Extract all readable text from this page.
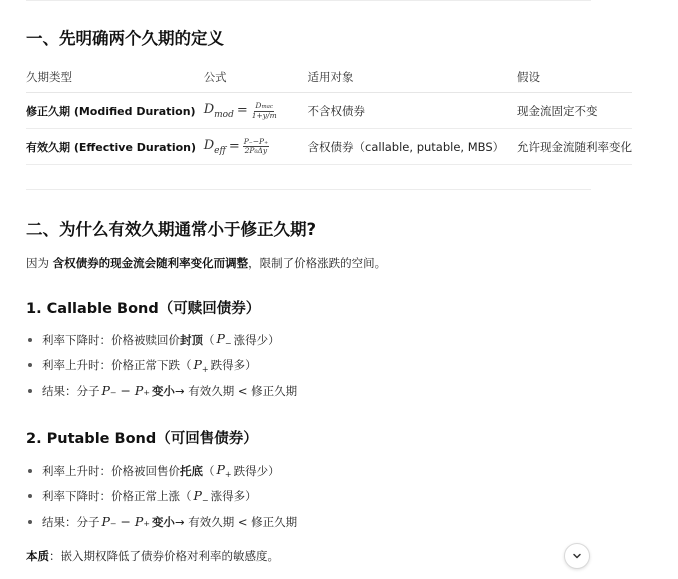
一、先明确两个久期的定义
久期类型	公式	适用对象	假设
修正久期 (Modified Duration)	$D_{mod} = \frac{\text{Dmac}}{1+y/m}$	不含权债券	现金流固定不变
有效久期 (Effective Duration)	$D_{eff} = \frac{P_--P_+}{\text{2P₀Δy}}$	含权债券（callable, putable, MBS）	允许现金流随利率变化
二、为什么有效久期通常小于修正久期?
因为 含权债券的现金流会随利率变化而调整，限制了价格涨跌的空间。
1. Callable Bond（可赎回债券）
利率下降时：价格被赎回价 封顶 （ $P_-$ 涨得少）
利率上升时：价格正常下跌（ $P_+$ 跌得多）
结果：分子 P₋ − P₊ 变小 → 有效久期 < 修正久期
2. Putable Bond（可回售债券）
利率上升时：价格被回售价 托底 （ $P_+$ 跌得少）
利率下降时：价格正常上涨（ $P_-$ 涨得多）
结果：分子 P₋ − P₊ 变小 → 有效久期 < 修正久期
本质：嵌入期权降低了债券价格对利率的敏感度。
